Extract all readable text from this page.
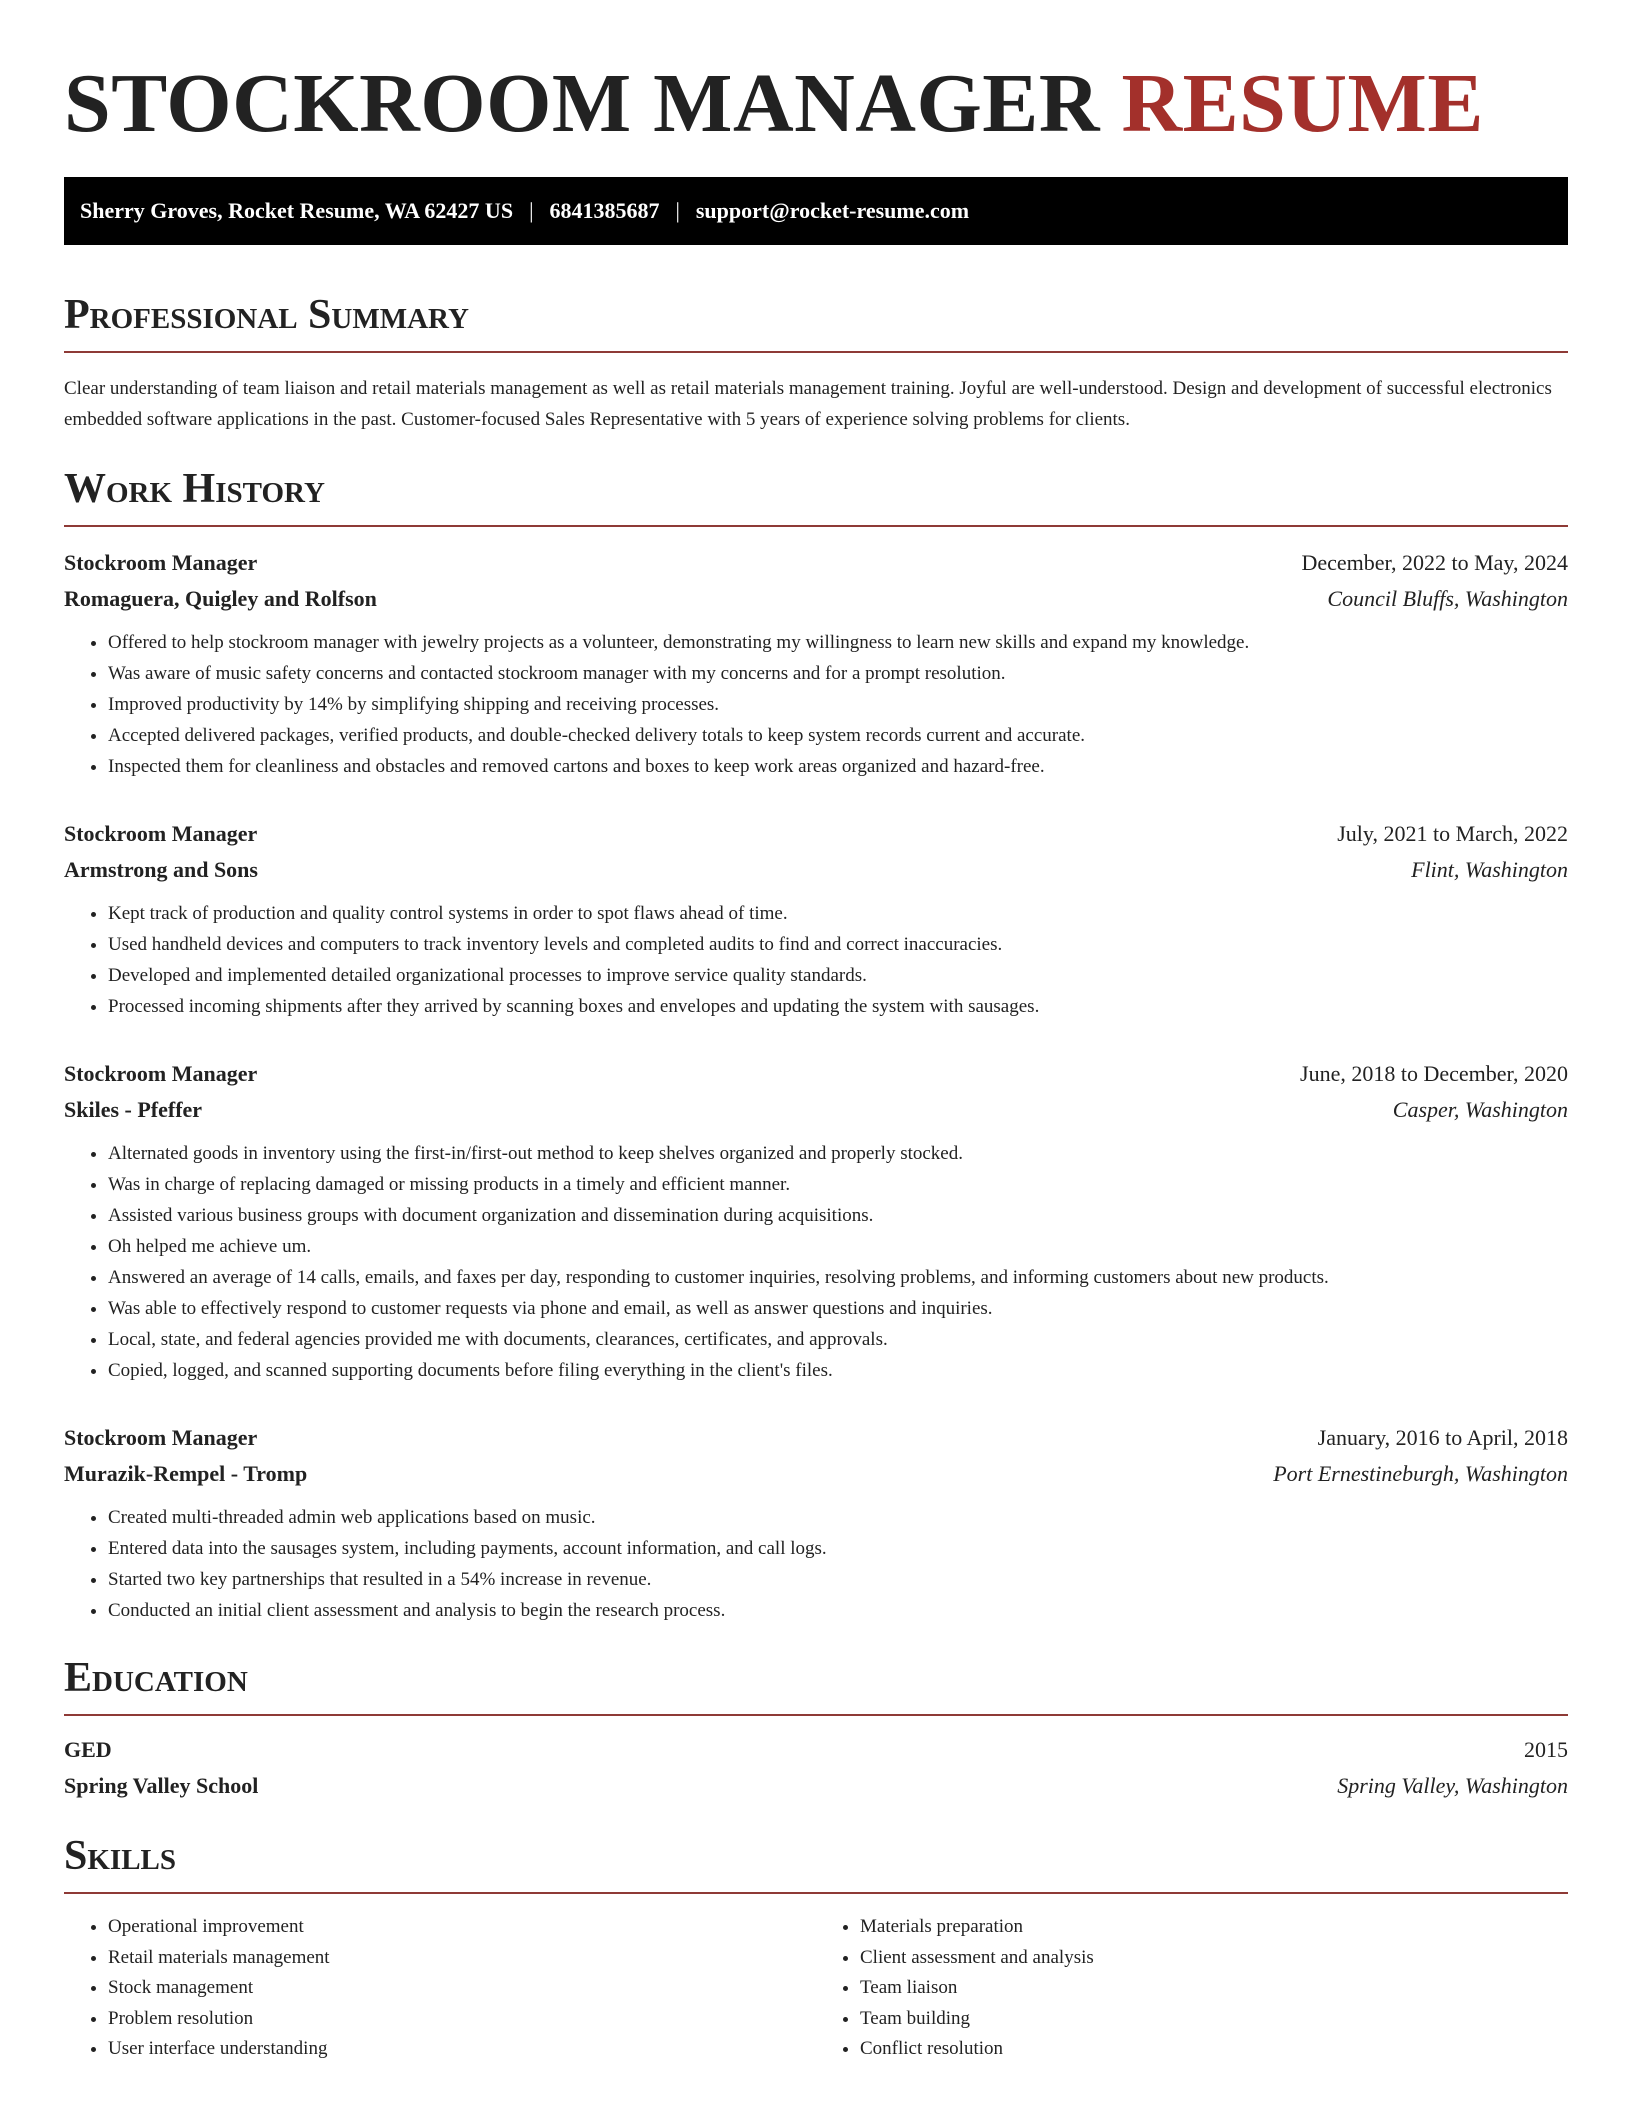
STOCKROOM MANAGER RESUME
Sherry Groves, Rocket Resume, WA 62427 US | 6841385687 | support@rocket-resume.com
Professional Summary

Clear understanding of team liaison and retail materials management as well as retail materials management training. Joyful are well-understood. Design and development of successful electronics embedded software applications in the past. Customer-focused Sales Representative with 5 years of experience solving problems for clients.

Work History
Stockroom Manager	December, 2022 to May, 2024
Romaguera, Quigley and Rolfson	Council Bluffs, Washington
• Offered to help stockroom manager with jewelry projects as a volunteer, demonstrating my willingness to learn new skills and expand my knowledge.
• Was aware of music safety concerns and contacted stockroom manager with my concerns and for a prompt resolution.
• Improved productivity by 14% by simplifying shipping and receiving processes.
• Accepted delivered packages, verified products, and double-checked delivery totals to keep system records current and accurate.
• Inspected them for cleanliness and obstacles and removed cartons and boxes to keep work areas organized and hazard-free.
Stockroom Manager	July, 2021 to March, 2022
Armstrong and Sons	Flint, Washington
• Kept track of production and quality control systems in order to spot flaws ahead of time.
• Used handheld devices and computers to track inventory levels and completed audits to find and correct inaccuracies.
• Developed and implemented detailed organizational processes to improve service quality standards.
• Processed incoming shipments after they arrived by scanning boxes and envelopes and updating the system with sausages.
Stockroom Manager	June, 2018 to December, 2020
Skiles - Pfeffer	Casper, Washington
• Alternated goods in inventory using the first-in/first-out method to keep shelves organized and properly stocked.
• Was in charge of replacing damaged or missing products in a timely and efficient manner.
• Assisted various business groups with document organization and dissemination during acquisitions.
• Oh helped me achieve um.
• Answered an average of 14 calls, emails, and faxes per day, responding to customer inquiries, resolving problems, and informing customers about new products.
• Was able to effectively respond to customer requests via phone and email, as well as answer questions and inquiries.
• Local, state, and federal agencies provided me with documents, clearances, certificates, and approvals.
• Copied, logged, and scanned supporting documents before filing everything in the client's files.
Stockroom Manager	January, 2016 to April, 2018
Murazik-Rempel - Tromp	Port Ernestineburgh, Washington
• Created multi-threaded admin web applications based on music.
• Entered data into the sausages system, including payments, account information, and call logs.
• Started two key partnerships that resulted in a 54% increase in revenue.
• Conducted an initial client assessment and analysis to begin the research process.
Education
GED	2015
Spring Valley School	Spring Valley, Washington
Skills
• Operational improvement
• Retail materials management
• Stock management
• Problem resolution
• User interface understanding
• Materials preparation
• Client assessment and analysis
• Team liaison
• Team building
• Conflict resolution
